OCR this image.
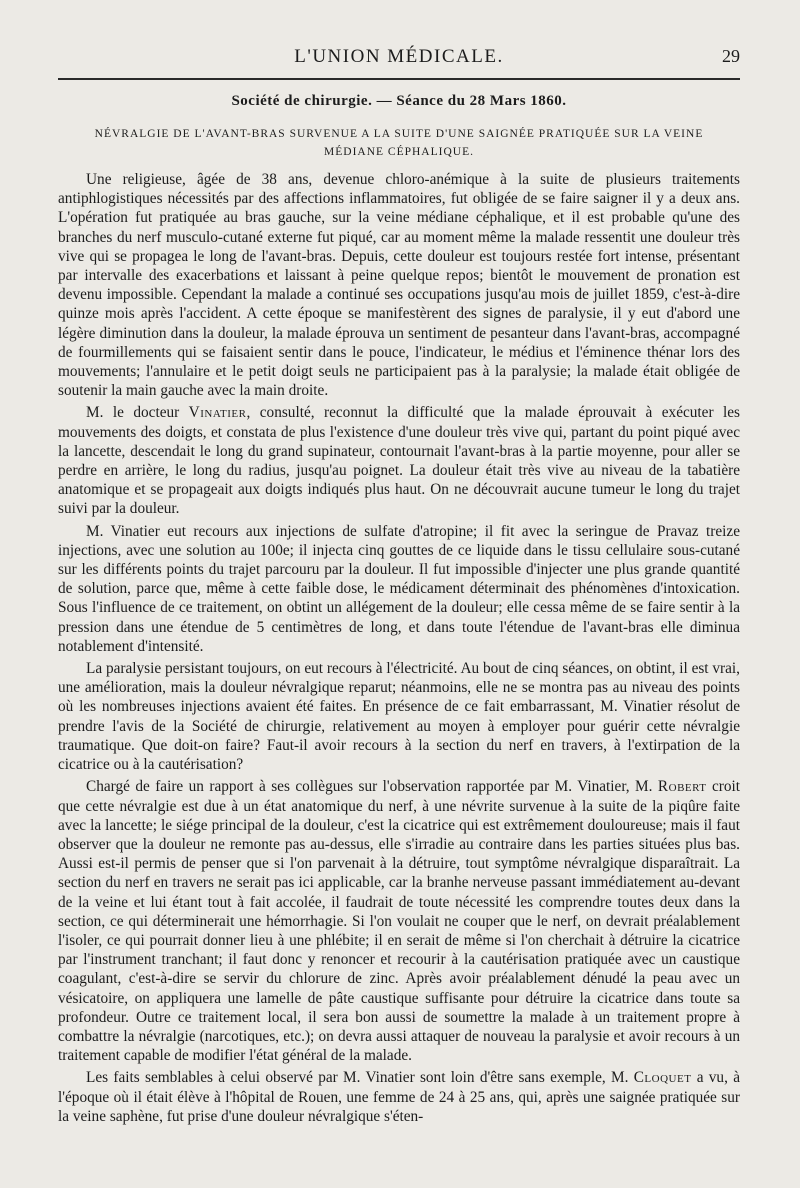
L'UNION MÉDICALE.	29
Société de chirurgie. — Séance du 28 Mars 1860.
NÉVRALGIE DE L'AVANT-BRAS SURVENUE A LA SUITE D'UNE SAIGNÉE PRATIQUÉE SUR LA VEINE
MÉDIANE CÉPHALIQUE.

Une religieuse, âgée de 38 ans, devenue chloro-anémique à la suite de plusieurs traitements antiphlogistiques nécessités par des affections inflammatoires, fut obligée de se faire saigner il y a deux ans. L'opération fut pratiquée au bras gauche, sur la veine médiane céphalique, et il est probable qu'une des branches du nerf musculo-cutané externe fut piqué, car au moment même la malade ressentit une douleur très vive qui se propagea le long de l'avant-bras. Depuis, cette douleur est toujours restée fort intense, présentant par intervalle des exacerbations et laissant à peine quelque repos; bientôt le mouvement de pronation est devenu impossible. Cependant la malade a continué ses occupations jusqu'au mois de juillet 1859, c'est-à-dire quinze mois après l'accident. A cette époque se manifestèrent des signes de paralysie, il y eut d'abord une légère diminution dans la douleur, la malade éprouva un sentiment de pesanteur dans l'avant-bras, accompagné de fourmillements qui se faisaient sentir dans le pouce, l'indicateur, le médius et l'éminence thénar lors des mouvements; l'annulaire et le petit doigt seuls ne participaient pas à la paralysie; la malade était obligée de soutenir la main gauche avec la main droite.

M. le docteur Vinatier, consulté, reconnut la difficulté que la malade éprouvait à exécuter les mouvements des doigts, et constata de plus l'existence d'une douleur très vive qui, partant du point piqué avec la lancette, descendait le long du grand supinateur, contournait l'avant-bras à la partie moyenne, pour aller se perdre en arrière, le long du radius, jusqu'au poignet. La douleur était très vive au niveau de la tabatière anatomique et se propageait aux doigts indiqués plus haut. On ne découvrait aucune tumeur le long du trajet suivi par la douleur.

M. Vinatier eut recours aux injections de sulfate d'atropine; il fit avec la seringue de Pravaz treize injections, avec une solution au 100e; il injecta cinq gouttes de ce liquide dans le tissu cellulaire sous-cutané sur les différents points du trajet parcouru par la douleur. Il fut impossible d'injecter une plus grande quantité de solution, parce que, même à cette faible dose, le médicament déterminait des phénomènes d'intoxication. Sous l'influence de ce traitement, on obtint un allégement de la douleur; elle cessa même de se faire sentir à la pression dans une étendue de 5 centimètres de long, et dans toute l'étendue de l'avant-bras elle diminua notablement d'intensité.

La paralysie persistant toujours, on eut recours à l'électricité. Au bout de cinq séances, on obtint, il est vrai, une amélioration, mais la douleur névralgique reparut; néanmoins, elle ne se montra pas au niveau des points où les nombreuses injections avaient été faites. En présence de ce fait embarrassant, M. Vinatier résolut de prendre l'avis de la Société de chirurgie, relativement au moyen à employer pour guérir cette névralgie traumatique. Que doit-on faire? Faut-il avoir recours à la section du nerf en travers, à l'extirpation de la cicatrice ou à la cautérisation?

Chargé de faire un rapport à ses collègues sur l'observation rapportée par M. Vinatier, M. Robert croit que cette névralgie est due à un état anatomique du nerf, à une névrite survenue à la suite de la piqûre faite avec la lancette; le siége principal de la douleur, c'est la cicatrice qui est extrêmement douloureuse; mais il faut observer que la douleur ne remonte pas au-dessus, elle s'irradie au contraire dans les parties situées plus bas. Aussi est-il permis de penser que si l'on parvenait à la détruire, tout symptôme névralgique disparaîtrait. La section du nerf en travers ne serait pas ici applicable, car la branhe nerveuse passant immédiatement au-devant de la veine et lui étant tout à fait accolée, il faudrait de toute nécessité les comprendre toutes deux dans la section, ce qui déterminerait une hémorrhagie. Si l'on voulait ne couper que le nerf, on devrait préalablement l'isoler, ce qui pourrait donner lieu à une phlébite; il en serait de même si l'on cherchait à détruire la cicatrice par l'instrument tranchant; il faut donc y renoncer et recourir à la cautérisation pratiquée avec un caustique coagulant, c'est-à-dire se servir du chlorure de zinc. Après avoir préalablement dénudé la peau avec un vésicatoire, on appliquera une lamelle de pâte caustique suffisante pour détruire la cicatrice dans toute sa profondeur. Outre ce traitement local, il sera bon aussi de soumettre la malade à un traitement propre à combattre la névralgie (narcotiques, etc.); on devra aussi attaquer de nouveau la paralysie et avoir recours à un traitement capable de modifier l'état général de la malade.

Les faits semblables à celui observé par M. Vinatier sont loin d'être sans exemple, M. Cloquet a vu, à l'époque où il était élève à l'hôpital de Rouen, une femme de 24 à 25 ans, qui, après une saignée pratiquée sur la veine saphène, fut prise d'une douleur névralgique s'éten-
